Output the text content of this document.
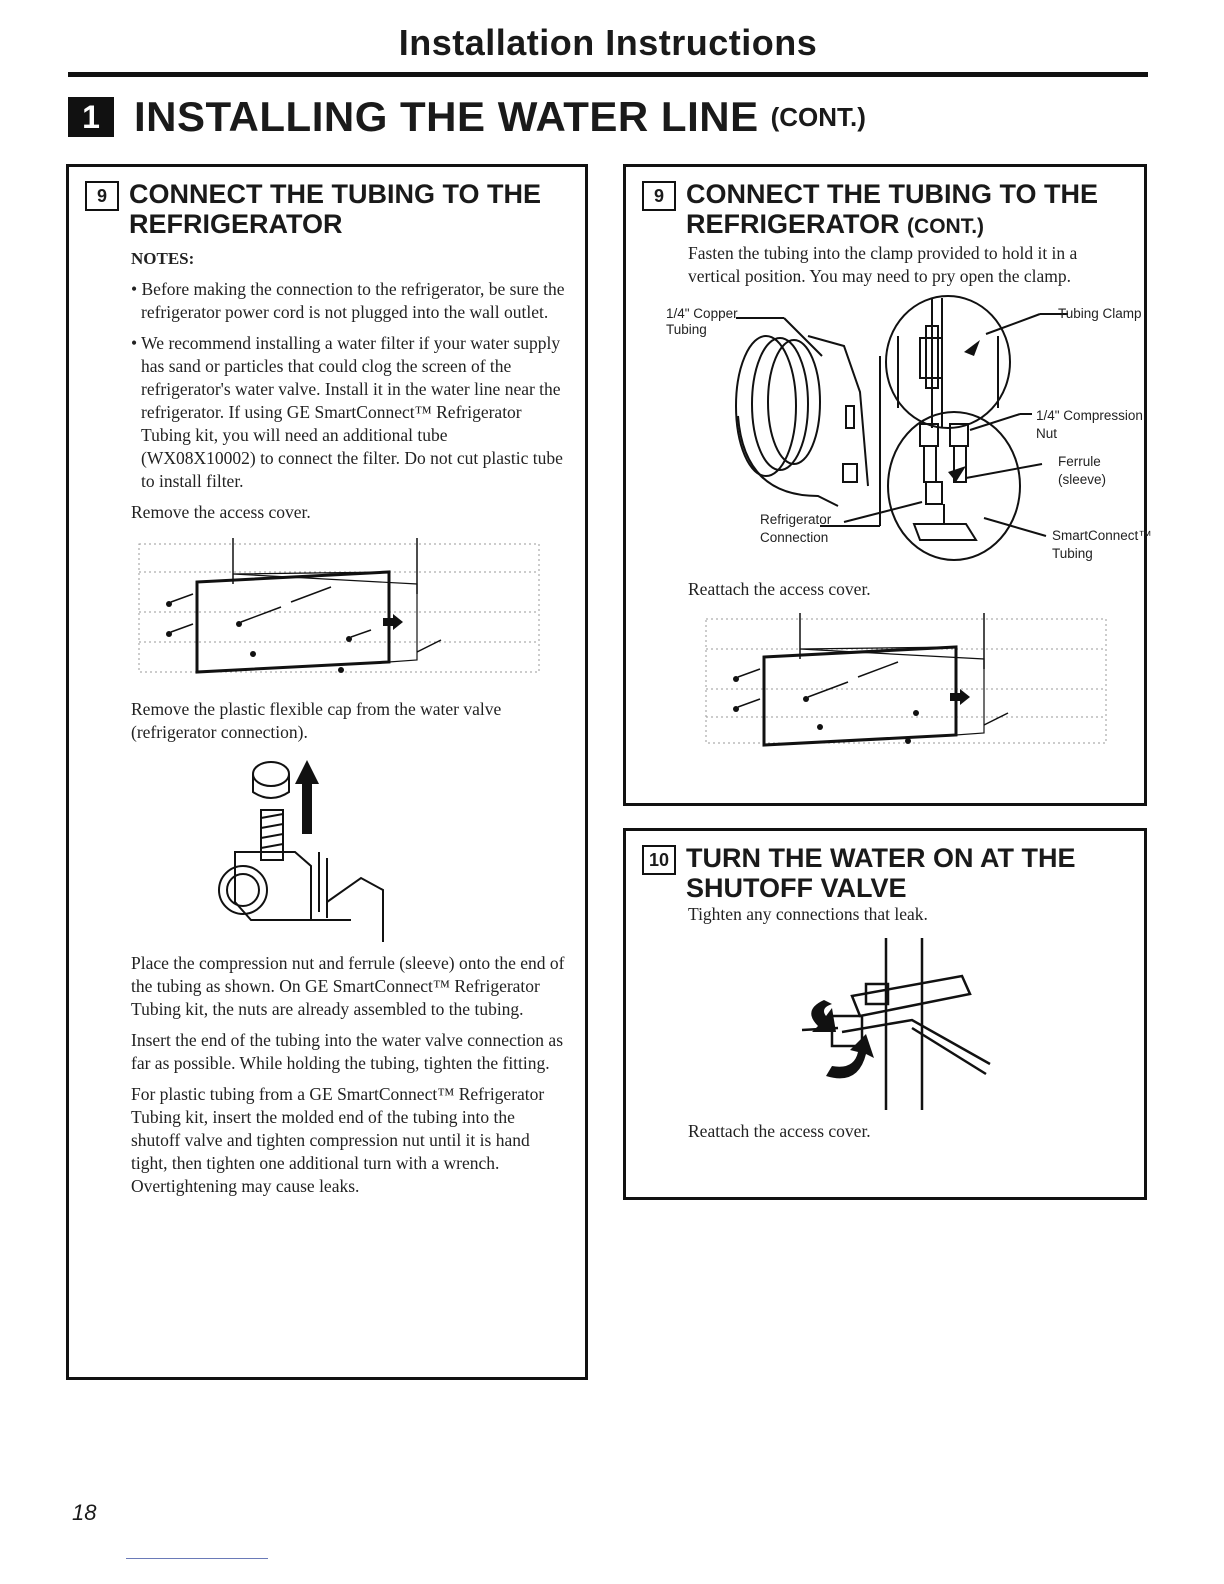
Installation Instructions
1 INSTALLING THE WATER LINE (CONT.)
9 CONNECT THE TUBING TO THE REFRIGERATOR

NOTES:

• Before making the connection to the refrigerator, be sure the refrigerator power cord is not plugged into the wall outlet.

• We recommend installing a water filter if your water supply has sand or particles that could clog the screen of the refrigerator's water valve. Install it in the water line near the refrigerator. If using GE SmartConnect™ Refrigerator Tubing kit, you will need an additional tube (WX08X10002) to connect the filter. Do not cut plastic tube to install filter.

Remove the access cover.

Remove the plastic flexible cap from the water valve (refrigerator connection).

Place the compression nut and ferrule (sleeve) onto the end of the tubing as shown. On GE SmartConnect™ Refrigerator Tubing kit, the nuts are already assembled to the tubing.

Insert the end of the tubing into the water valve connection as far as possible. While holding the tubing, tighten the fitting.

For plastic tubing from a GE SmartConnect™ Refrigerator Tubing kit, insert the molded end of the tubing into the shutoff valve and tighten compression nut until it is hand tight, then tighten one additional turn with a wrench. Overtightening may cause leaks.

9 CONNECT THE TUBING TO THE REFRIGERATOR (CONT.)

Fasten the tubing into the clamp provided to hold it in a vertical position. You may need to pry open the clamp.

1/4" Copper
Tubing
Tubing Clamp
1/4" Compression
Nut
Ferrule
(sleeve)
Refrigerator
Connection	SmartConnect™
Tubing

Reattach the access cover.

10 TURN THE WATER ON AT THE SHUTOFF VALVE

Tighten any connections that leak.

Reattach the access cover.

18
